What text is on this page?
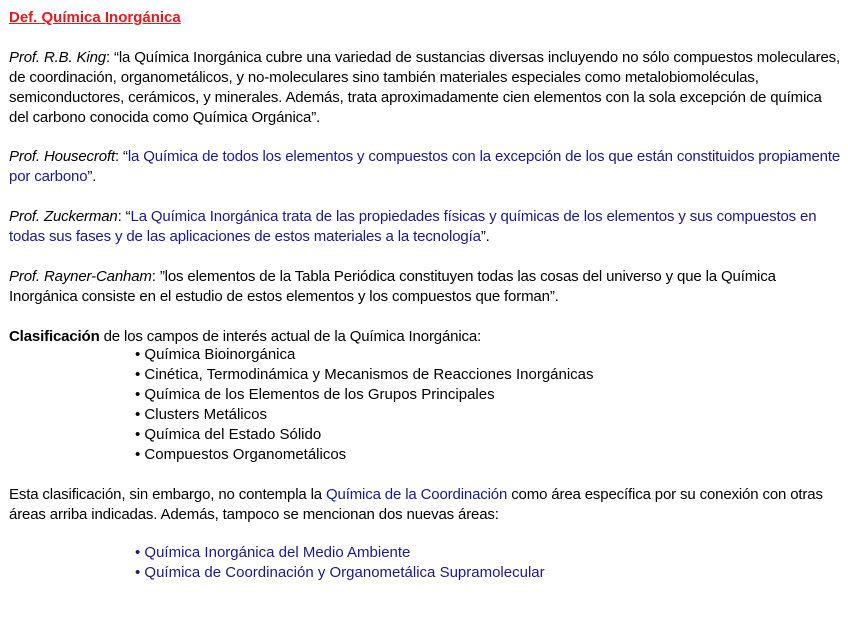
Def. Química Inorgánica

Prof. R.B. King: “la Química Inorgánica cubre una variedad de sustancias diversas incluyendo no sólo compuestos moleculares, de coordinación, organometálicos, y no-moleculares sino también materiales especiales como metalobiomoléculas, semiconductores, cerámicos, y minerales. Además, trata aproximadamente cien elementos con la sola excepción de química del carbono conocida como Química Orgánica”.

Prof. Housecroft: “la Química de todos los elementos y compuestos con la excepción de los que están constituidos propiamente por carbono”.

Prof. Zuckerman: “La Química Inorgánica trata de las propiedades físicas y químicas de los elementos y sus compuestos en todas sus fases y de las aplicaciones de estos materiales a la tecnología”.

Prof. Rayner-Canham: ”los elementos de la Tabla Periódica constituyen todas las cosas del universo y que la Química Inorgánica consiste en el estudio de estos elementos y los compuestos que forman”.

Clasificación de los campos de interés actual de la Química Inorgánica:

• Química Bioinorgánica
• Cinética, Termodinámica y Mecanismos de Reacciones Inorgánicas
• Química de los Elementos de los Grupos Principales
• Clusters Metálicos
• Química del Estado Sólido
• Compuestos Organometálicos

Esta clasificación, sin embargo, no contempla la Química de la Coordinación como área específica por su conexión con otras áreas arriba indicadas. Además, tampoco se mencionan dos nuevas áreas:

• Química Inorgánica del Medio Ambiente
• Química de Coordinación y Organometálica Supramolecular
